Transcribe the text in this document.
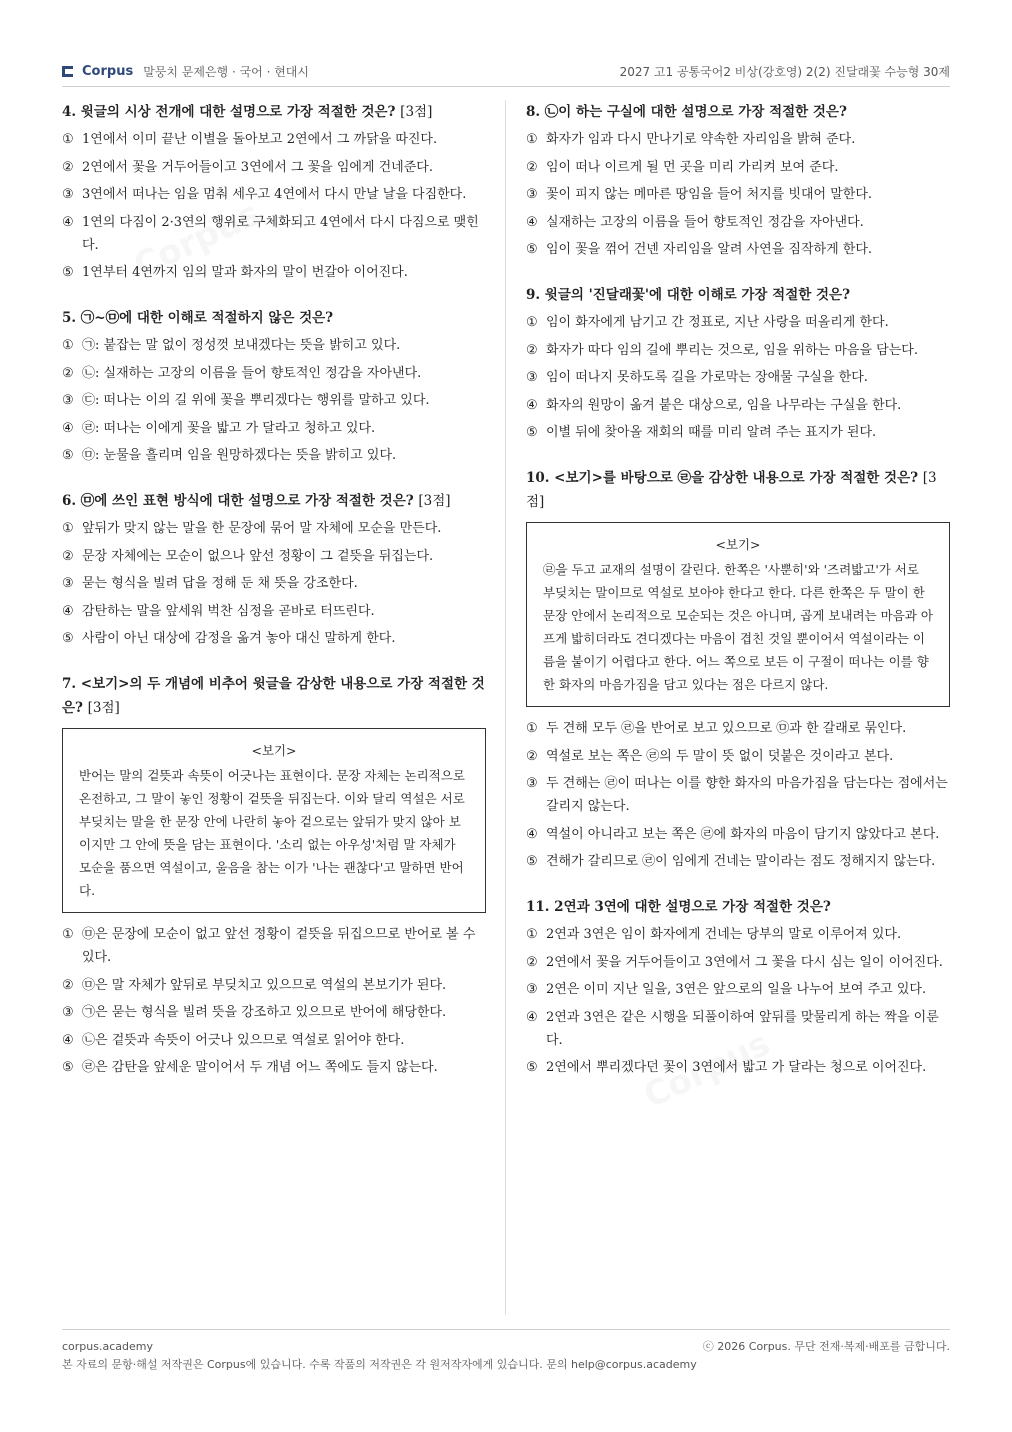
Corpus 말뭉치 문제은행 · 국어 · 현대시	2027 고1 공통국어2 비상(강호영) 2(2) 진달래꽃 수능형 30제
4. 윗글의 시상 전개에 대한 설명으로 가장 적절한 것은? [3점]
① 1연에서 이미 끝난 이별을 돌아보고 2연에서 그 까닭을 따진다.
② 2연에서 꽃을 거두어들이고 3연에서 그 꽃을 임에게 건네준다.
③ 3연에서 떠나는 임을 멈춰 세우고 4연에서 다시 만날 날을 다짐한다.
④ 1연의 다짐이 2·3연의 행위로 구체화되고 4연에서 다시 다짐으로 맺힌다.
⑤ 1연부터 4연까지 임의 말과 화자의 말이 번갈아 이어진다.
5. ㉠~㉤에 대한 이해로 적절하지 않은 것은?
① ㉠: 붙잡는 말 없이 정성껏 보내겠다는 뜻을 밝히고 있다.
② ㉡: 실재하는 고장의 이름을 들어 향토적인 정감을 자아낸다.
③ ㉢: 떠나는 이의 길 위에 꽃을 뿌리겠다는 행위를 말하고 있다.
④ ㉣: 떠나는 이에게 꽃을 밟고 가 달라고 청하고 있다.
⑤ ㉤: 눈물을 흘리며 임을 원망하겠다는 뜻을 밝히고 있다.
6. ㉤에 쓰인 표현 방식에 대한 설명으로 가장 적절한 것은? [3점]
① 앞뒤가 맞지 않는 말을 한 문장에 묶어 말 자체에 모순을 만든다.
② 문장 자체에는 모순이 없으나 앞선 정황이 그 겉뜻을 뒤집는다.
③ 묻는 형식을 빌려 답을 정해 둔 채 뜻을 강조한다.
④ 감탄하는 말을 앞세워 벅찬 심정을 곧바로 터뜨린다.
⑤ 사람이 아닌 대상에 감정을 옮겨 놓아 대신 말하게 한다.
7. <보기>의 두 개념에 비추어 윗글을 감상한 내용으로 가장 적절한 것은? [3점]
<보기>
반어는 말의 겉뜻과 속뜻이 어긋나는 표현이다. 문장 자체는 논리적으로 온전하고, 그 말이 놓인 정황이 겉뜻을 뒤집는다. 이와 달리 역설은 서로 부딪치는 말을 한 문장 안에 나란히 놓아 겉으로는 앞뒤가 맞지 않아 보이지만 그 안에 뜻을 담는 표현이다. '소리 없는 아우성'처럼 말 자체가 모순을 품으면 역설이고, 울음을 참는 이가 '나는 괜찮다'고 말하면 반어다.
① ㉤은 문장에 모순이 없고 앞선 정황이 겉뜻을 뒤집으므로 반어로 볼 수 있다.
② ㉤은 말 자체가 앞뒤로 부딪치고 있으므로 역설의 본보기가 된다.
③ ㉠은 묻는 형식을 빌려 뜻을 강조하고 있으므로 반어에 해당한다.
④ ㉡은 겉뜻과 속뜻이 어긋나 있으므로 역설로 읽어야 한다.
⑤ ㉣은 감탄을 앞세운 말이어서 두 개념 어느 쪽에도 들지 않는다.
8. ㉡이 하는 구실에 대한 설명으로 가장 적절한 것은?
① 화자가 임과 다시 만나기로 약속한 자리임을 밝혀 준다.
② 임이 떠나 이르게 될 먼 곳을 미리 가리켜 보여 준다.
③ 꽃이 피지 않는 메마른 땅임을 들어 처지를 빗대어 말한다.
④ 실재하는 고장의 이름을 들어 향토적인 정감을 자아낸다.
⑤ 임이 꽃을 꺾어 건넨 자리임을 알려 사연을 짐작하게 한다.
9. 윗글의 '진달래꽃'에 대한 이해로 가장 적절한 것은?
① 임이 화자에게 남기고 간 정표로, 지난 사랑을 떠올리게 한다.
② 화자가 따다 임의 길에 뿌리는 것으로, 임을 위하는 마음을 담는다.
③ 임이 떠나지 못하도록 길을 가로막는 장애물 구실을 한다.
④ 화자의 원망이 옮겨 붙은 대상으로, 임을 나무라는 구실을 한다.
⑤ 이별 뒤에 찾아올 재회의 때를 미리 알려 주는 표지가 된다.
10. <보기>를 바탕으로 ㉣을 감상한 내용으로 가장 적절한 것은? [3점]
<보기>
㉣을 두고 교재의 설명이 갈린다. 한쪽은 '사뿐히'와 '즈려밟고'가 서로 부딪치는 말이므로 역설로 보아야 한다고 한다. 다른 한쪽은 두 말이 한 문장 안에서 논리적으로 모순되는 것은 아니며, 곱게 보내려는 마음과 아프게 밟히더라도 견디겠다는 마음이 겹친 것일 뿐이어서 역설이라는 이름을 붙이기 어렵다고 한다. 어느 쪽으로 보든 이 구절이 떠나는 이를 향한 화자의 마음가짐을 담고 있다는 점은 다르지 않다.
① 두 견해 모두 ㉣을 반어로 보고 있으므로 ㉤과 한 갈래로 묶인다.
② 역설로 보는 쪽은 ㉣의 두 말이 뜻 없이 덧붙은 것이라고 본다.
③ 두 견해는 ㉣이 떠나는 이를 향한 화자의 마음가짐을 담는다는 점에서는 갈리지 않는다.
④ 역설이 아니라고 보는 쪽은 ㉣에 화자의 마음이 담기지 않았다고 본다.
⑤ 견해가 갈리므로 ㉣이 임에게 건네는 말이라는 점도 정해지지 않는다.
11. 2연과 3연에 대한 설명으로 가장 적절한 것은?
① 2연과 3연은 임이 화자에게 건네는 당부의 말로 이루어져 있다.
② 2연에서 꽃을 거두어들이고 3연에서 그 꽃을 다시 심는 일이 이어진다.
③ 2연은 이미 지난 일을, 3연은 앞으로의 일을 나누어 보여 주고 있다.
④ 2연과 3연은 같은 시행을 되풀이하여 앞뒤를 맞물리게 하는 짝을 이룬다.
⑤ 2연에서 뿌리겠다던 꽃이 3연에서 밟고 가 달라는 청으로 이어진다.
corpus.academy	ⓒ 2026 Corpus. 무단 전재·복제·배포를 금합니다.
본 자료의 문항·해설 저작권은 Corpus에 있습니다. 수록 작품의 저작권은 각 원저작자에게 있습니다. 문의 help@corpus.academy
